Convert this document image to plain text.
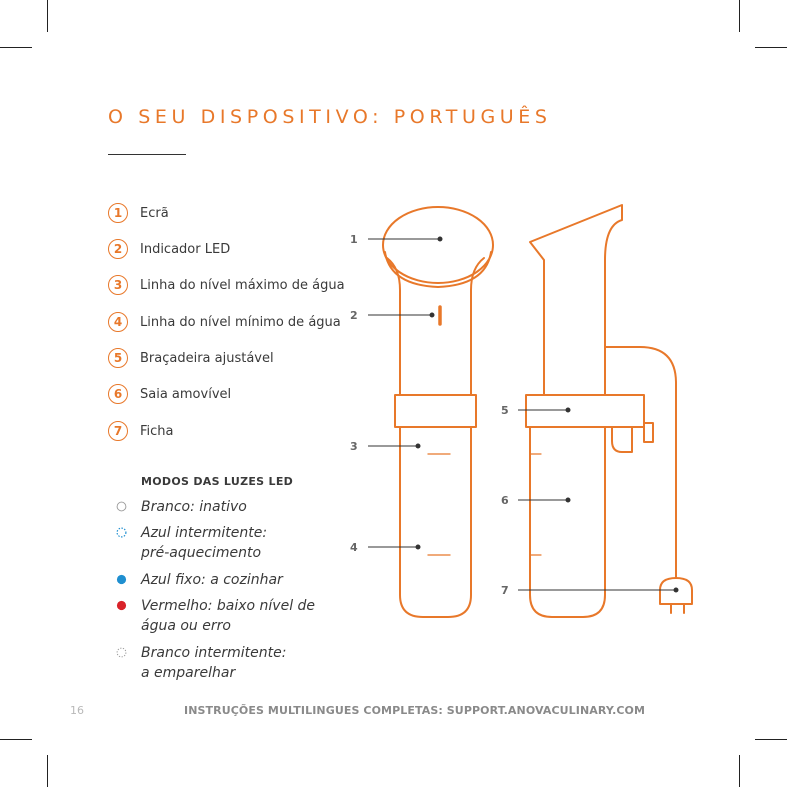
O SEU DISPOSITIVO: PORTUGUÊS
1	Ecrã
2	Indicador LED
3	Linha do nível máximo de água
4	Linha do nível mínimo de água
5	Braçadeira ajustável
6	Saia amovível
7	Ficha
MODOS DAS LUZES LED
Branco: inativo
Azul intermitente:
pré-aquecimento
Azul fixo: a cozinhar
Vermelho: baixo nível de
água ou erro
Branco intermitente:
a emparelhar
1
2
3
4
5
6
7
16	INSTRUÇÕES MULTILINGUES COMPLETAS: SUPPORT.ANOVACULINARY.COM
